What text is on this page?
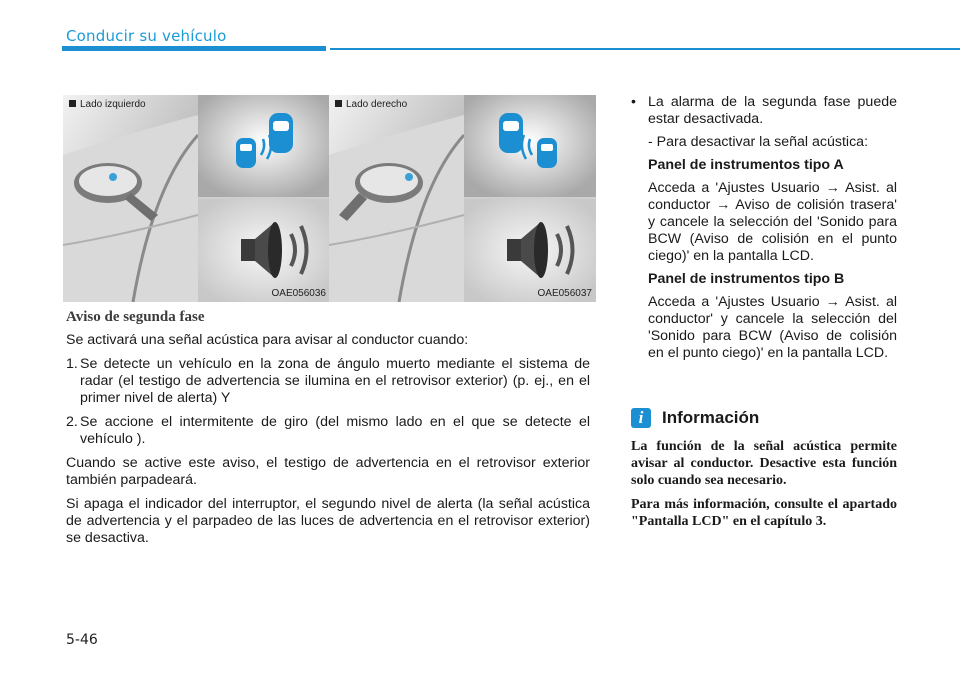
Conducir su vehículo
Lado izquierdo
OAE056036
Lado derecho
OAE056037
Aviso de segunda fase

Se activará una señal acústica para avisar al conductor cuando:

1. Se detecte un vehículo en la zona de ángulo muerto mediante el sistema de radar (el testigo de advertencia se ilumina en el retrovisor exterior) (p. ej., en el primer nivel de alerta) Y
2. Se accione el intermitente de giro (del mismo lado en el que se detecte el vehículo ).

Cuando se active este aviso, el testigo de advertencia en el retrovisor exterior también parpadeará.

Si apaga el indicador del interruptor, el segundo nivel de alerta (la señal acústica de advertencia y el parpadeo de las luces de advertencia en el retrovisor exterior) se desactiva.

• La alarma de la segunda fase puede estar desactivada.
- Para desactivar la señal acústica:
Panel de instrumentos tipo A
Acceda a 'Ajustes Usuario → Asist. al conductor → Aviso de colisión trasera' y cancele la selección del 'Sonido para BCW (Aviso de colisión en el punto ciego)' en la pantalla LCD.
Panel de instrumentos tipo B
Acceda a 'Ajustes Usuario → Asist. al conductor' y cancele la selección del 'Sonido para BCW (Aviso de colisión en el punto ciego)' en la pantalla LCD.
i	Información

La función de la señal acústica permite avisar al conductor. Desactive esta función solo cuando sea necesario.

Para más información, consulte el apartado "Pantalla LCD" en el capítulo 3.

5-46
